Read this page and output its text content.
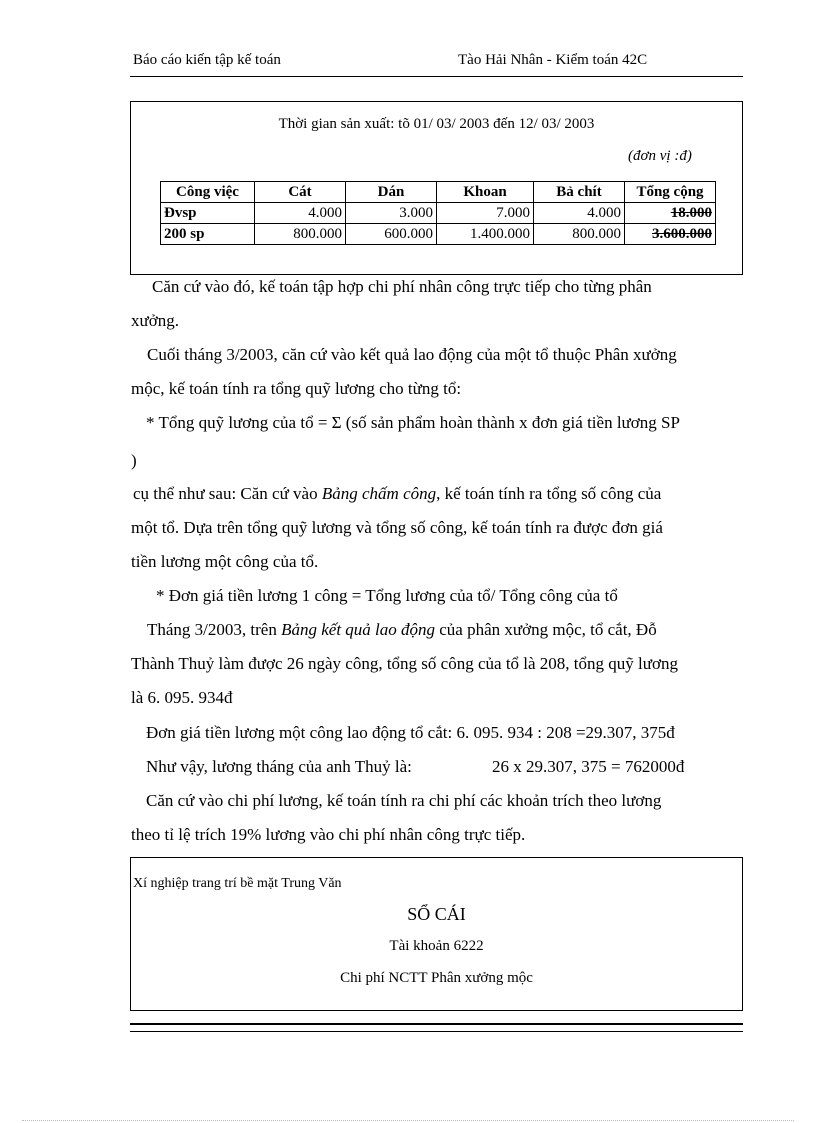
Báo cáo kiến tập kế toán	Tào Hải Nhân - Kiểm toán 42C
Thời gian sản xuất: tõ 01/ 03/ 2003 đến 12/ 03/ 2003
(đơn vị :đ)
Công việc	Cát	Dán	Khoan	Bả chít	Tổng cộng
Đvsp	4.000	3.000	7.000	4.000	18.000
200 sp	800.000	600.000	1.400.000	800.000	3.600.000
Căn cứ vào đó, kế toán tập hợp chi phí nhân công trực tiếp cho từng phân
xưởng.
Cuối tháng 3/2003, căn cứ vào kết quả lao động của một tổ thuộc Phân xưởng
mộc, kế toán tính ra tổng quỹ lương cho từng tổ:
* Tổng quỹ lương của tổ = Σ (số sản phẩm hoàn thành x đơn giá tiền lương SP
)
cụ thể như sau: Căn cứ vào Bảng chấm công, kế toán tính ra tổng số công của
một tổ. Dựa trên tổng quỹ lương và tổng số công, kế toán tính ra được đơn giá
tiền lương một công của tổ.
* Đơn giá tiền lương 1 công = Tổng lương của tổ/ Tổng công của tổ
Tháng 3/2003, trên Bảng kết quả lao động của phân xưởng mộc, tổ cắt, Đỗ
Thành Thuỷ làm được 26 ngày công, tổng số công của tổ là 208, tổng quỹ lương
là 6. 095. 934đ
Đơn giá tiền lương một công lao động tổ cắt: 6. 095. 934 : 208 =29.307, 375đ
Như vậy, lương tháng của anh Thuỷ là:	26 x 29.307, 375 = 762000đ
Căn cứ vào chi phí lương, kế toán tính ra chi phí các khoản trích theo lương
theo tỉ lệ trích 19% lương vào chi phí nhân công trực tiếp.
Xí nghiệp trang trí bề mặt Trung Văn
SỔ CÁI
Tài khoản 6222
Chi phí NCTT Phân xưởng mộc
